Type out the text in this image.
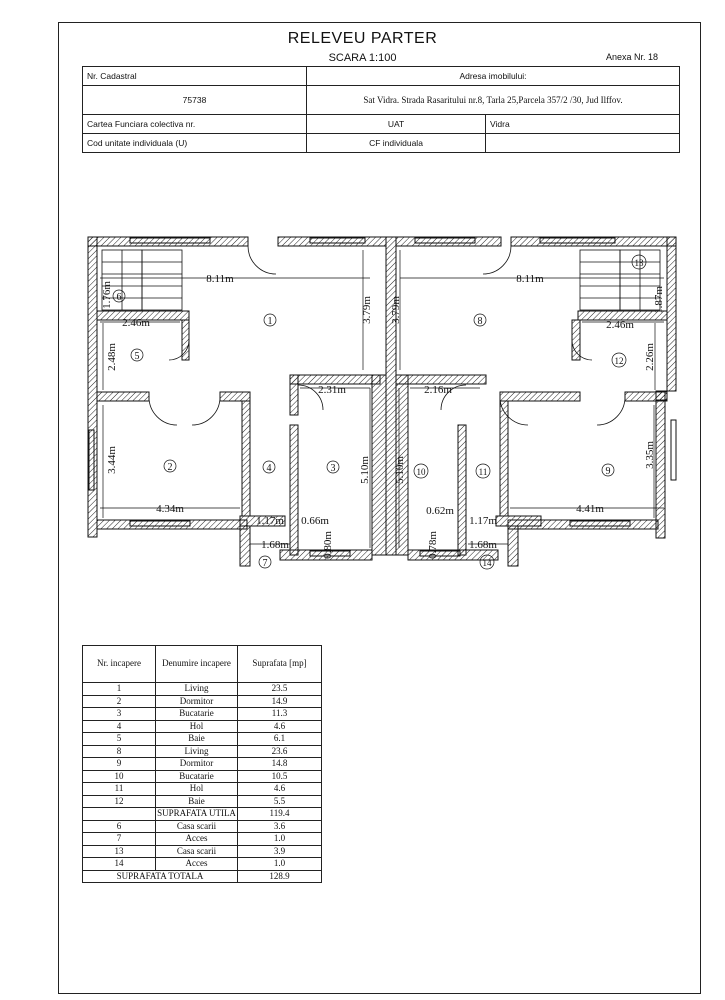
RELEVEU PARTER
SCARA 1:100	Anexa Nr. 18
Nr. Cadastral	Adresa imobilului:	
75738	Sat Vidra. Strada Rasaritului nr.8, Tarla 25,Parcela 357/2 /30, Jud Ilffov.	
Cartea Funciara colectiva nr.	UAT	Vidra
Cod unitate individuala (U)	CF individuala	
8.11m	8.11m
2.46m	2.46m
2.31m	2.16m
4.34m	4.41m
1.17m 0.66m
1.68m
0.62m
1.17m
1.68m
1.76m	1.87m
2.48m	2.26m
3.79m 3.79m
5.10m 5.10m
3.44m	3.35m
0.80m	0.78m
1
2	3
4
5
6
7
8
9
10	11
12
13
14
Nr. incapere	Denumire incapere	Suprafata [mp]
1	Living	23.5
2	Dormitor	14.9
3	Bucatarie	11.3
4	Hol	4.6
5	Baie	6.1
8	Living	23.6
9	Dormitor	14.8
10	Bucatarie	10.5
11	Hol	4.6
12	Baie	5.5
	SUPRAFATA UTILA	119.4
6	Casa scarii	3.6
7	Acces	1.0
13	Casa scarii	3.9
14	Acces	1.0
SUPRAFATA TOTALA		128.9
